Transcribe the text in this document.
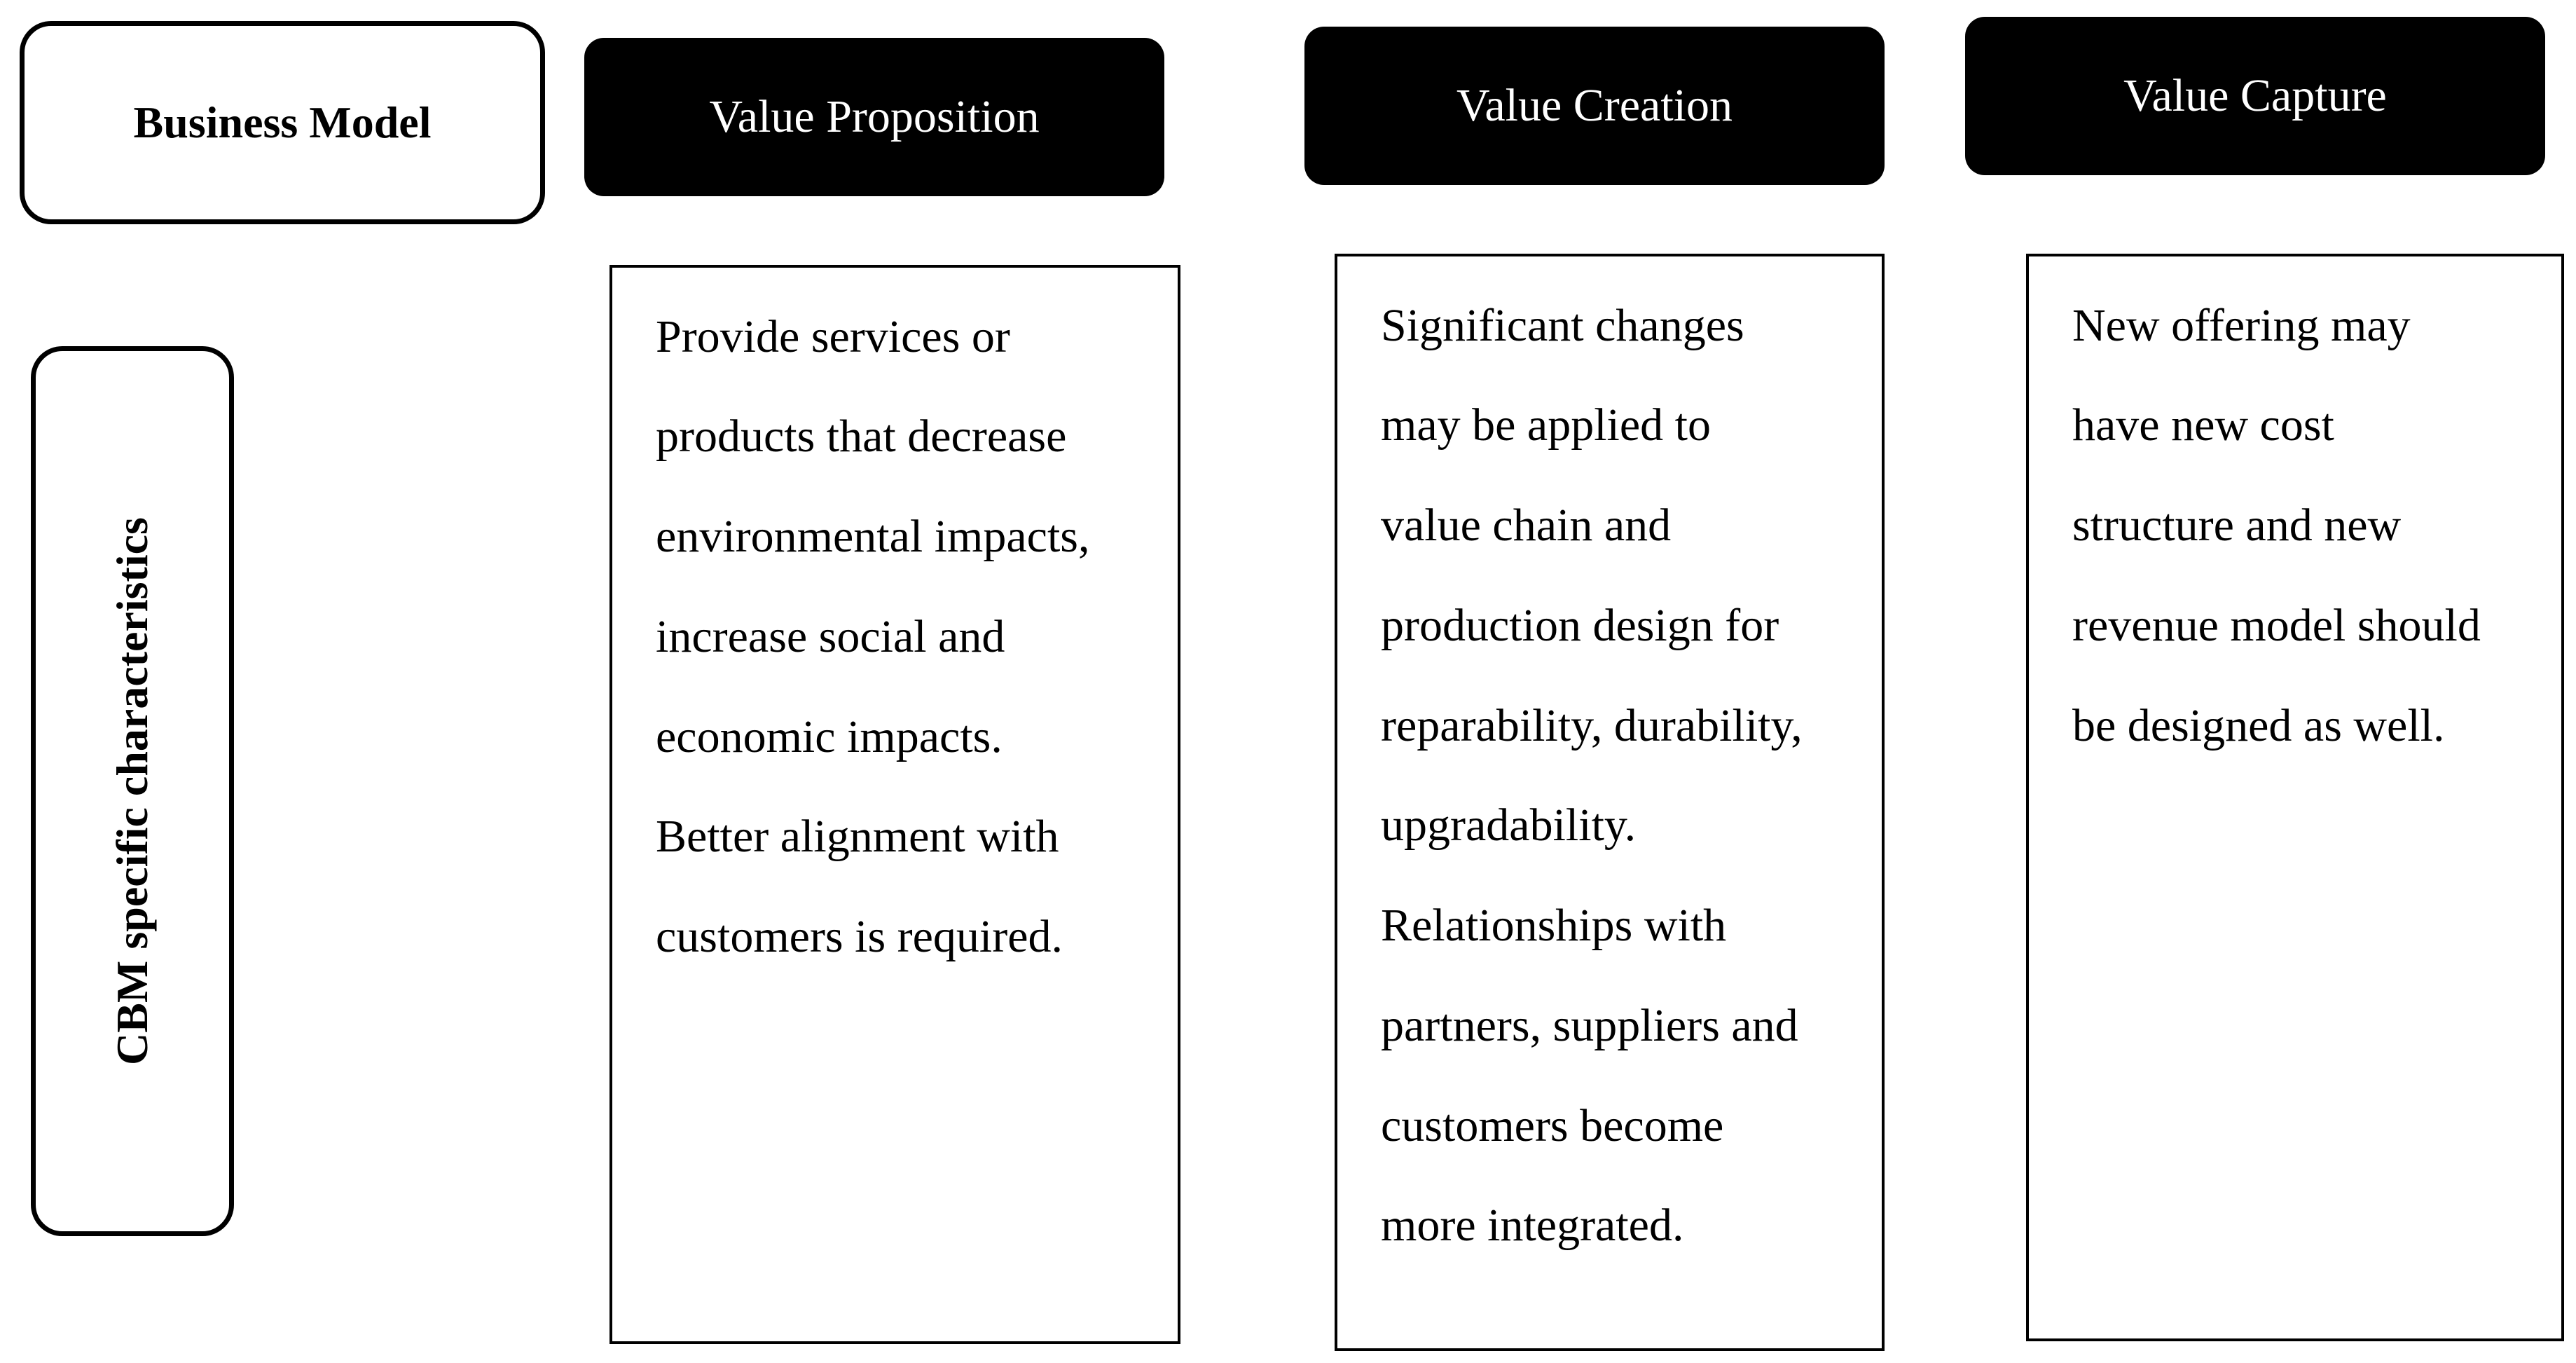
Business Model
CBM specific characteristics
Value Proposition	Value Creation	Value Capture
Provide services or
products that decrease
environmental impacts,
increase social and
economic impacts.
Better alignment with
customers is required.
Significant changes
may be applied to
value chain and
production design for
reparability, durability,
upgradability.
Relationships with
partners, suppliers and
customers become
more integrated.
New offering may
have new cost
structure and new
revenue model should
be designed as well.
